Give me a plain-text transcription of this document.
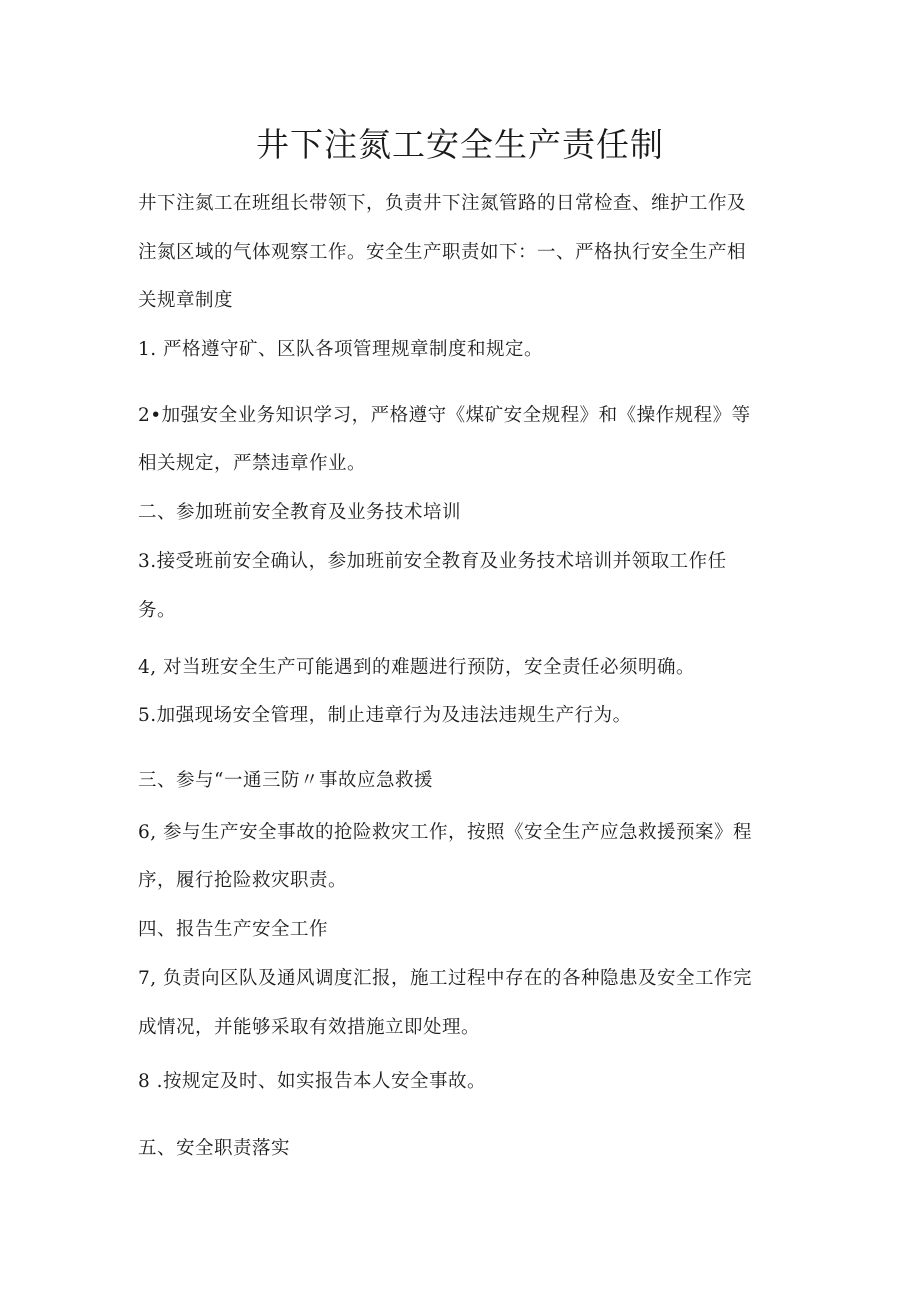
井下注氮工安全生产责任制
井下注氮工在班组长带领下，负责井下注氮管路的日常检查、维护工作及
注氮区域的气体观察工作。安全生产职责如下：一、严格执行安全生产相
关规章制度
1. 严格遵守矿、区队各项管理规章制度和规定。
2•加强安全业务知识学习，严格遵守《煤矿安全规程》和《操作规程》等
相关规定，严禁违章作业。
二、参加班前安全教育及业务技术培训
3.接受班前安全确认，参加班前安全教育及业务技术培训并领取工作任
务。
4, 对当班安全生产可能遇到的难题进行预防，安全责任必须明确。
5.加强现场安全管理，制止违章行为及违法违规生产行为。
三、参与“一通三防〃事故应急救援
6, 参与生产安全事故的抢险救灾工作，按照《安全生产应急救援预案》程
序，履行抢险救灾职责。
四、报告生产安全工作
7, 负责向区队及通风调度汇报，施工过程中存在的各种隐患及安全工作完
成情况，并能够采取有效措施立即处理。
8 .按规定及时、如实报告本人安全事故。
五、安全职责落实
